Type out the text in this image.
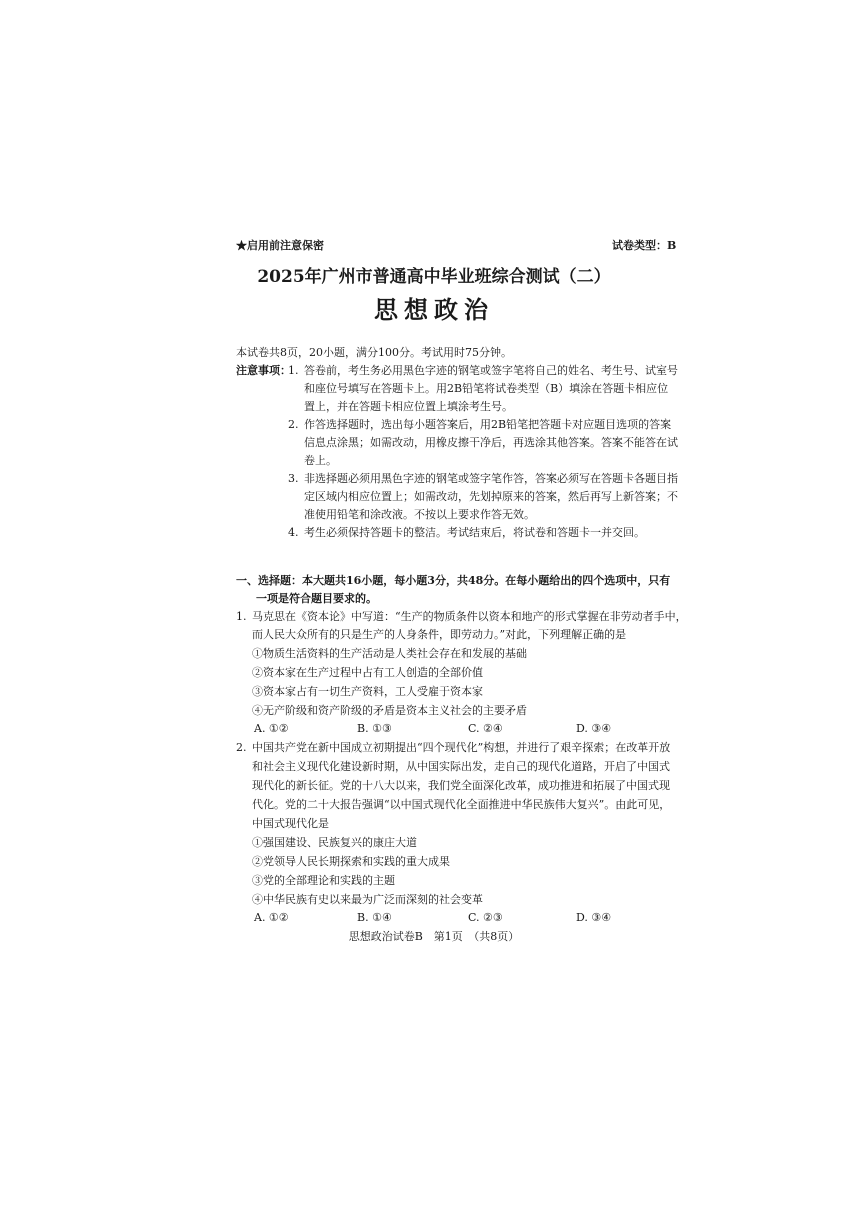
★启用前注意保密	试卷类型：B
2025年广州市普通高中毕业班综合测试（二）
思想政治
本试卷共8页，20小题，满分100分。考试用时75分钟。
注意事项：
1. 答卷前，考生务必用黑色字迹的钢笔或签字笔将自己的姓名、考生号、试室号
和座位号填写在答题卡上。用2B铅笔将试卷类型（B）填涂在答题卡相应位
置上，并在答题卡相应位置上填涂考生号。
2. 作答选择题时，选出每小题答案后，用2B铅笔把答题卡对应题目选项的答案
信息点涂黑；如需改动，用橡皮擦干净后，再选涂其他答案。答案不能答在试
卷上。
3. 非选择题必须用黑色字迹的钢笔或签字笔作答，答案必须写在答题卡各题目指
定区域内相应位置上；如需改动，先划掉原来的答案，然后再写上新答案；不
准使用铅笔和涂改液。不按以上要求作答无效。
4. 考生必须保持答题卡的整洁。考试结束后，将试卷和答题卡一并交回。
一、选择题：本大题共16小题，每小题3分，共48分。在每小题给出的四个选项中，只有
一项是符合题目要求的。
1. 马克思在《资本论》中写道：“生产的物质条件以资本和地产的形式掌握在非劳动者手中，
而人民大众所有的只是生产的人身条件，即劳动力。”对此，下列理解正确的是
①物质生活资料的生产活动是人类社会存在和发展的基础
②资本家在生产过程中占有工人创造的全部价值
③资本家占有一切生产资料，工人受雇于资本家
④无产阶级和资产阶级的矛盾是资本主义社会的主要矛盾
A. ①②	B. ①③	C. ②④	D. ③④
2. 中国共产党在新中国成立初期提出“四个现代化”构想，并进行了艰辛探索；在改革开放
和社会主义现代化建设新时期，从中国实际出发，走自己的现代化道路，开启了中国式
现代化的新长征。党的十八大以来，我们党全面深化改革，成功推进和拓展了中国式现
代化。党的二十大报告强调“以中国式现代化全面推进中华民族伟大复兴”。由此可见，
中国式现代化是
①强国建设、民族复兴的康庄大道
②党领导人民长期探索和实践的重大成果
③党的全部理论和实践的主题
④中华民族有史以来最为广泛而深刻的社会变革
A. ①②	B. ①④	C. ②③	D. ③④
思想政治试卷B　第1页　（共8页）
